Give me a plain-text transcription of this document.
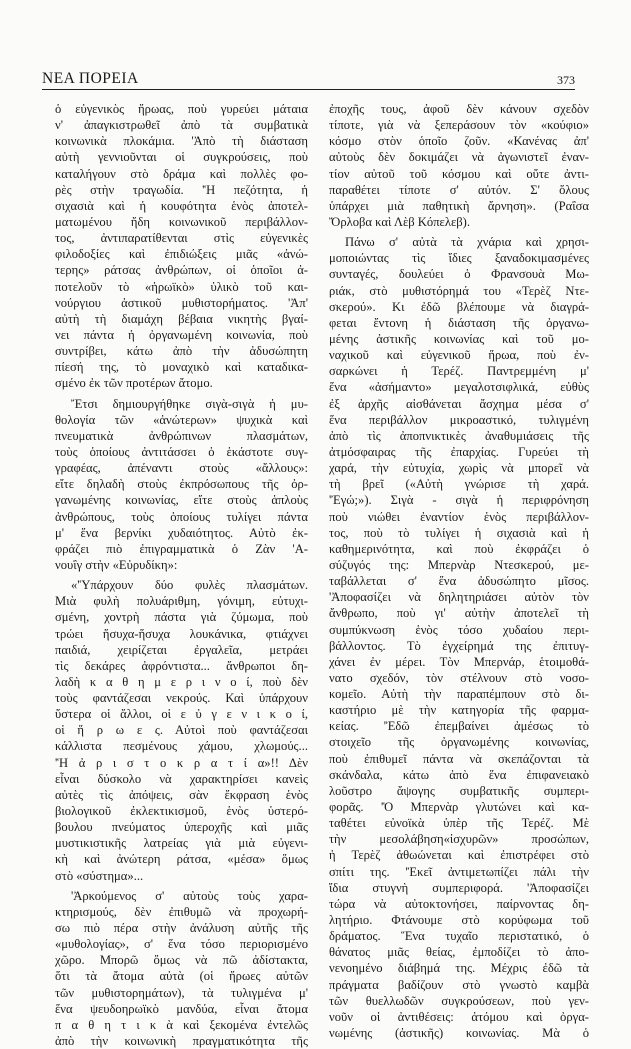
ΝΕΑ ΠΟΡΕΙΑ	373
ὁ εὐγενικὸς ἥρωας, ποὺ γυρεύει μάταια
ν' ἀπαγκιστρωθεῖ ἀπὸ τὰ συμβατικὰ
κοινωνικὰ πλοκάμια. 'Ἀπὸ τὴ διάσταση
αὐτὴ γεννιοῦνται οἱ συγκρούσεις, ποὺ
καταλήγουν στὸ δράμα καὶ πολλὲς φο-
ρὲς στὴν τραγωδία. 'Ἡ πεζότητα, ἡ
σιχασιὰ καὶ ἡ κουφότητα ἑνὸς ἀποτελ-
ματωμένου ἤδη κοινωνικοῦ περιβάλλον-
τος, ἀντιπαρατίθενται στὶς εὐγενικὲς
φιλοδοξίες καὶ ἐπιδιώξεις μιᾶς «ἀνώ-
τερης» ράτσας ἀνθρώπων, οἱ ὁποῖοι ἀ-
ποτελοῦν τὸ «ἡρωϊκὸ» ὑλικὸ τοῦ και-
νούργιου ἀστικοῦ μυθιστορήματος. 'Ἀπ'
αὐτὴ τὴ διαμάχη βέβαια νικητὴς βγαί-
νει πάντα ἡ ὀργανωμένη κοινωνία, ποὺ
συντρίβει, κάτω ἀπὸ τὴν ἀδυσώπητη
πίεσή της, τὸ μοναχικὸ καὶ καταδικα-
σμένο ἐκ τῶν προτέρων ἄτομο.
Ἔτσι δημιουργήθηκε σιγὰ-σιγὰ ἡ μυ-
θολογία τῶν «ἀνώτερων» ψυχικὰ καὶ
πνευματικὰ ἀνθρώπινων πλασμάτων,
τοὺς ὁποίους ἀντιτάσσει ὁ ἑκάστοτε συγ-
γραφέας, ἀπέναντι στοὺς «ἄλλους»:
εἴτε δηλαδὴ στοὺς ἐκπρόσωπους τῆς ὀρ-
γανωμένης κοινωνίας, εἴτε στοὺς ἁπλοὺς
ἀνθρώπους, τοὺς ὁποίους τυλίγει πάντα
μ' ἕνα βερνίκι χυδαιότητος. Αὐτὸ ἐκ-
φράζει πιὸ ἐπιγραμματικὰ ὁ Ζὰν 'Α-
νουΐγ στὴν «Εὐρυδίκη»:
«'Ὑπάρχουν δύο φυλὲς πλασμάτων.
Μιὰ φυλὴ πολυάριθμη, γόνιμη, εὐτυχι-
σμένη, χοντρὴ πάστα γιὰ ζύμωμα, ποὺ
τρώει ἥσυχα-ἥσυχα λουκάνικα, φτιάχνει
παιδιά, χειρίζεται ἐργαλεῖα, μετράει
τὶς δεκάρες ἀφρόντιστα... ἄνθρωποι δη-
λαδὴ κ α θ η μ ε ρ ι ν ο ί, ποὺ δὲν
τοὺς φαντάζεσαι νεκρούς. Καὶ ὑπάρχουν
ὕστερα οἱ ἄλλοι, οἱ ε ὐ γ ε ν ι κ ο ί,
οἱ ἥ ρ ω ε ς. Αὐτοὶ ποὺ φαντάζεσαι
κάλλιστα πεσμένους χάμου, χλωμούς...
'Ἡ ἀ ρ ι σ τ ο κ ρ α τ ί α»!! Δὲν
εἶναι δύσκολο νὰ χαρακτηρίσει κανεὶς
αὐτὲς τὶς ἀπόψεις, σὰν ἔκφραση ἑνὸς
βιολογικοῦ ἐκλεκτικισμοῦ, ἑνὸς ὑστερό-
βουλου πνεύματος ὑπεροχῆς καὶ μιᾶς
μυστικιστικῆς λατρείας γιὰ μιὰ εὐγενι-
κὴ καὶ ἀνώτερη ράτσα, «μέσα» ὅμως
στὸ «σύστημα»...
'Ἀρκούμενος σ' αὐτοὺς τοὺς χαρα-
κτηρισμούς, δὲν ἐπιθυμῶ νὰ προχωρή-
σω πιὸ πέρα στὴν ἀνάλυση αὐτῆς τῆς
«μυθολογίας», σ' ἕνα τόσο περιορισμένο
χῶρο. Μπορῶ ὅμως νὰ πῶ ἀδίστακτα,
ὅτι τὰ ἄτομα αὐτὰ (οἱ ἥρωες αὐτῶν
τῶν μυθιστορημάτων), τὰ τυλιγμένα μ'
ἕνα ψευδοηρωϊκὸ μανδύα, εἶναι ἄτομα
π α θ η τ ι κ ὰ καὶ ξεκομένα ἐντελῶς
ἀπὸ τὴν κοινωνικὴ πραγματικότητα τῆς
ἐποχῆς τους, ἀφοῦ δὲν κάνουν σχεδὸν
τίποτε, γιὰ νὰ ξεπεράσουν τὸν «κούφιο»
κόσμο στὸν ὁποῖο ζοῦν. «Κανένας ἀπ'
αὐτοὺς δὲν δοκιμάζει νὰ ἀγωνιστεῖ ἐναν-
τίον αὐτοῦ τοῦ κόσμου καὶ οὔτε ἀντι-
παραθέτει τίποτε σ' αὐτόν. Σ' ὅλους
ὑπάρχει μιὰ παθητικὴ ἄρνηση». (Ραΐσα
Ὄρλοβα καὶ Λὲβ Κόπελεβ).
Πάνω σ' αὐτὰ τὰ χνάρια καὶ χρησι-
μοποιώντας τὶς ἴδιες ξαναδοκιμασμένες
συνταγές, δουλεύει ὁ Φρανσουὰ Μω-
ριάκ, στὸ μυθιστόρημά του «Τερὲζ Ντε-
σκερού». Κι ἐδῶ βλέπουμε νὰ διαγρά-
φεται ἔντονη ἡ διάσταση τῆς ὀργανω-
μένης ἀστικῆς κοινωνίας καὶ τοῦ μο-
ναχικοῦ καὶ εὐγενικοῦ ἥρωα, ποὺ ἐν-
σαρκώνει ἡ Τερέζ. Παντρεμμένη μ'
ἕνα «ἀσήμαντο» μεγαλοτσιφλικά, εὐθὺς
ἐξ ἀρχῆς αἰσθάνεται ἄσχημα μέσα σ'
ἕνα περιβάλλον μικροαστικό, τυλιγμένη
ἀπὸ τὶς ἀποπνικτικὲς ἀναθυμιάσεις τῆς
ἀτμόσφαιρας τῆς ἐπαρχίας. Γυρεύει τὴ
χαρά, τὴν εὐτυχία, χωρὶς νὰ μπορεῖ νὰ
τὴ βρεῖ («Αὐτὴ γνώρισε τὴ χαρά.
'Ἐγώ;»). Σιγὰ - σιγὰ ἡ περιφρόνηση
ποὺ νιώθει ἐναντίον ἑνὸς περιβάλλον-
τος, ποὺ τὸ τυλίγει ἡ σιχασιὰ καὶ ἡ
καθημερινότητα, καὶ ποὺ ἐκφράζει ὁ
σύζυγός της: Μπερνὰρ Ντεσκερού, με-
ταβάλλεται σ' ἕνα ἀδυσώπητο μῖσος.
'Ἀποφασίζει νὰ δηλητηριάσει αὐτὸν τὸν
ἄνθρωπο, ποὺ γι' αὐτὴν ἀποτελεῖ τὴ
συμπύκνωση ἑνὸς τόσο χυδαίου περι-
βάλλοντος. Τὸ ἐγχείρημά της ἐπιτυγ-
χάνει ἐν μέρει. Τὸν Μπερνάρ, ἑτοιμοθά-
νατο σχεδόν, τὸν στέλνουν στὸ νοσο-
κομεῖο. Αὐτὴ τὴν παραπέμπουν στὸ δι-
καστήριο μὲ τὴν κατηγορία τῆς φαρμα-
κείας. 'Ἐδῶ ἐπεμβαίνει ἀμέσως τὸ
στοιχεῖο τῆς ὀργανωμένης κοινωνίας,
ποὺ ἐπιθυμεῖ πάντα νὰ σκεπάζονται τὰ
σκάνδαλα, κάτω ἀπὸ ἕνα ἐπιφανειακὸ
λοῦστρο ἄψογης συμβατικῆς συμπερι-
φορᾶς. 'Ὁ Μπερνὰρ γλυτώνει καὶ κα-
ταθέτει εὐνοϊκὰ ὑπὲρ τῆς Τερέζ. Μὲ
τὴν μεσολάβηση«ἰσχυρῶν» προσώπων,
ἡ Τερὲζ ἀθωώνεται καὶ ἐπιστρέφει στὸ
σπίτι της. 'Ἐκεῖ ἀντιμετωπίζει πάλι τὴν
ἴδια στυγνὴ συμπεριφορά. 'Ἀποφασίζει
τώρα νὰ αὐτοκτονήσει, παίρνοντας δη-
λητήριο. Φτάνουμε στὸ κορύφωμα τοῦ
δράματος. Ἕνα τυχαῖο περιστατικό, ὁ
θάνατος μιᾶς θείας, ἐμποδίζει τὸ ἀπο-
νενοημένο διάβημά της. Μέχρις ἐδῶ τὰ
πράγματα βαδίζουν στὸ γνωστὸ καμβὰ
τῶν θυελλωδῶν συγκρούσεων, ποὺ γεν-
νοῦν οἱ ἀντιθέσεις: ἀτόμου καὶ ὀργα-
νωμένης (ἀστικῆς) κοινωνίας. Μὰ ὁ
